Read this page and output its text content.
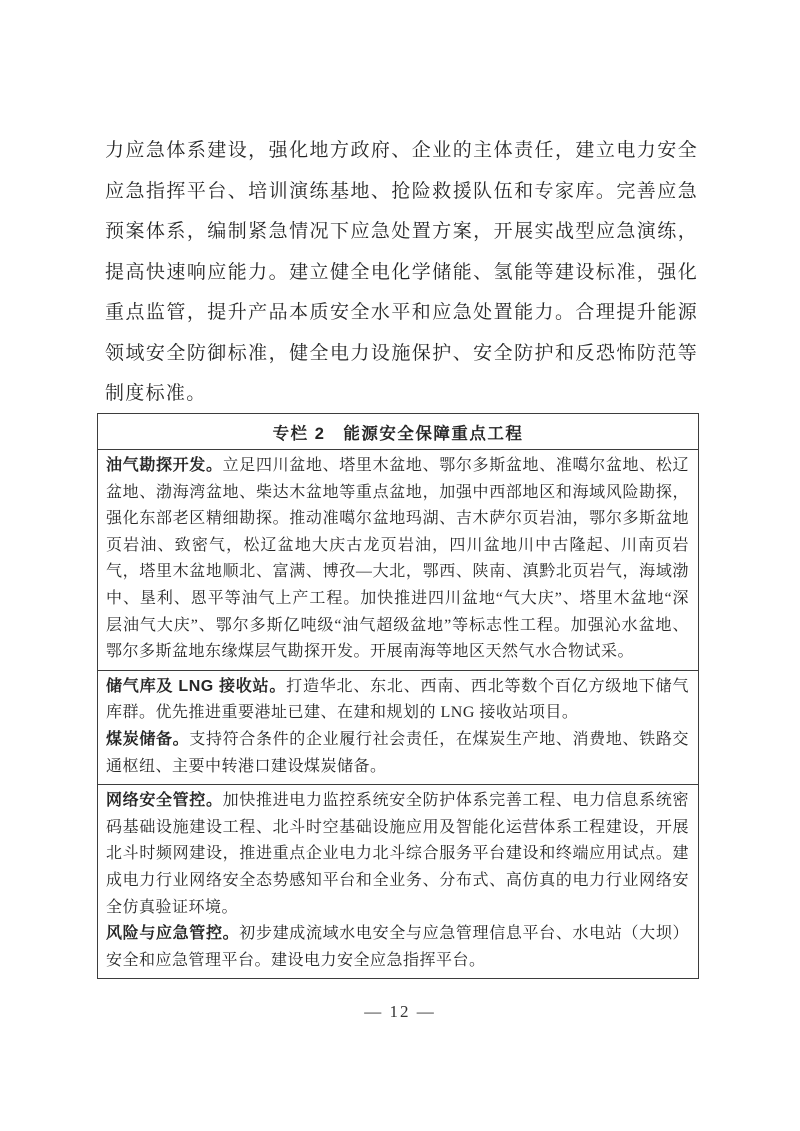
力应急体系建设，强化地方政府、企业的主体责任，建立电力安全应急指挥平台、培训演练基地、抢险救援队伍和专家库。完善应急预案体系，编制紧急情况下应急处置方案，开展实战型应急演练，提高快速响应能力。建立健全电化学储能、氢能等建设标准，强化重点监管，提升产品本质安全水平和应急处置能力。合理提升能源领域安全防御标准，健全电力设施保护、安全防护和反恐怖防范等制度标准。

专栏 2　能源安全保障重点工程

油气勘探开发。立足四川盆地、塔里木盆地、鄂尔多斯盆地、准噶尔盆地、松辽盆地、渤海湾盆地、柴达木盆地等重点盆地，加强中西部地区和海域风险勘探，强化东部老区精细勘探。推动准噶尔盆地玛湖、吉木萨尔页岩油，鄂尔多斯盆地页岩油、致密气，松辽盆地大庆古龙页岩油，四川盆地川中古隆起、川南页岩气，塔里木盆地顺北、富满、博孜—大北，鄂西、陕南、滇黔北页岩气，海域渤中、垦利、恩平等油气上产工程。加快推进四川盆地“气大庆”、塔里木盆地“深层油气大庆”、鄂尔多斯亿吨级“油气超级盆地”等标志性工程。加强沁水盆地、鄂尔多斯盆地东缘煤层气勘探开发。开展南海等地区天然气水合物试采。

储气库及 LNG 接收站。打造华北、东北、西南、西北等数个百亿方级地下储气库群。优先推进重要港址已建、在建和规划的 LNG 接收站项目。

煤炭储备。支持符合条件的企业履行社会责任，在煤炭生产地、消费地、铁路交通枢纽、主要中转港口建设煤炭储备。

网络安全管控。加快推进电力监控系统安全防护体系完善工程、电力信息系统密码基础设施建设工程、北斗时空基础设施应用及智能化运营体系工程建设，开展北斗时频网建设，推进重点企业电力北斗综合服务平台建设和终端应用试点。建成电力行业网络安全态势感知平台和全业务、分布式、高仿真的电力行业网络安全仿真验证环境。

风险与应急管控。初步建成流域水电安全与应急管理信息平台、水电站（大坝）安全和应急管理平台。建设电力安全应急指挥平台。

— 12 —
